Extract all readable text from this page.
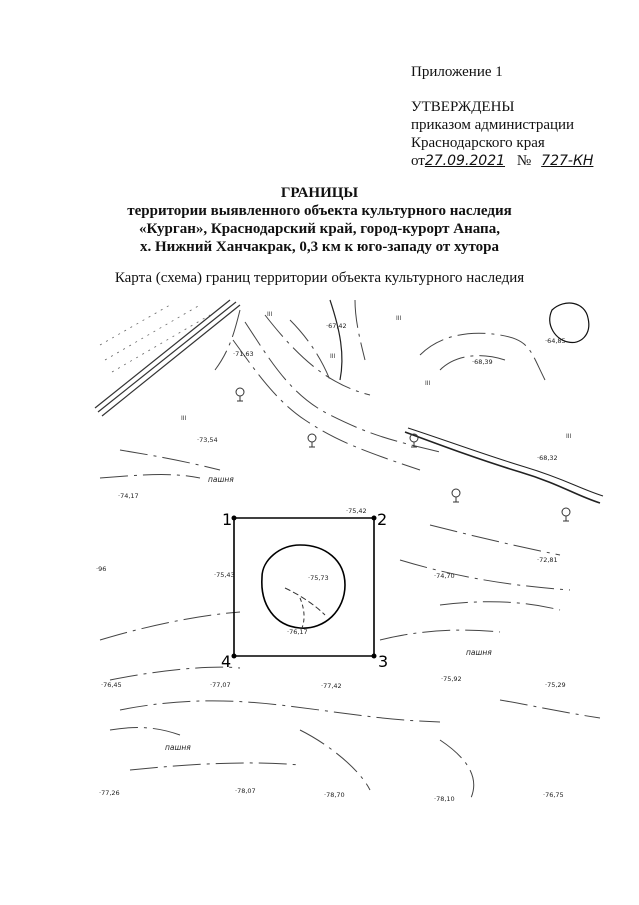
Приложение 1
УТВЕРЖДЕНЫ
приказом администрации
Краснодарского края
от27.09.2021 № 727-КН
ГРАНИЦЫ
территории выявленного объекта культурного наследия
«Курган», Краснодарский край, город-курорт Анапа,
х. Нижний Ханчакрак, 0,3 км к юго-западу от хутора
Карта (схема) границ территории объекта культурного наследия
1	2
3
4
III
III
III
III
III
III
·67,42
·71,63
·68,39
·64,85
·73,54
·68,32
·74,17
·75,42
·72,81
·96
·75,43	·75,73	·74,70
·76,17
·75,92
·76,45	·77,07	·77,42	·75,29
·77,26	·78,07	·78,70	·78,10	·76,75
пашня
пашня
пашня
